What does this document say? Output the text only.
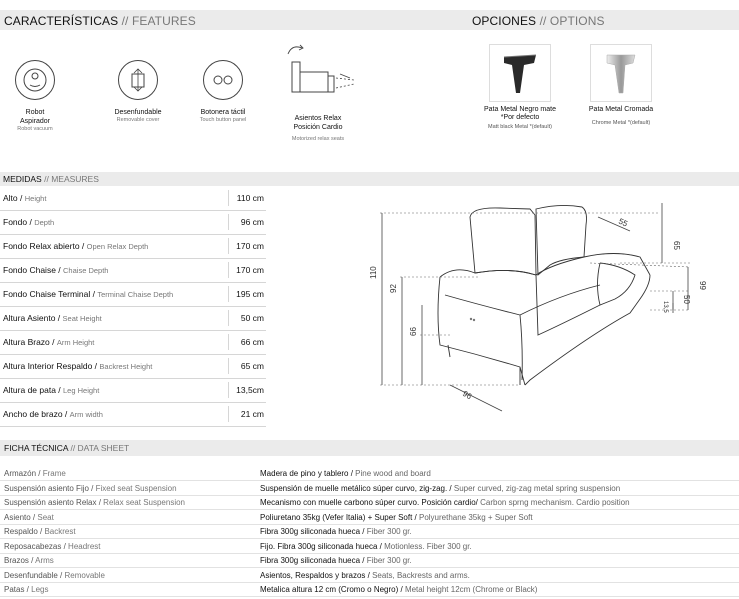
CARACTERÍSTICAS // FEATURES	OPCIONES // OPTIONS
Robot
Aspirador
Robot vacuum
Desenfundable
Removable cover
Botonera táctil
Touch button panel	Asientos Relax
Posición Cardio
Motorized relax seats
Pata Metal Negro mate
*Por defecto
Matt black Metal *(default)
Pata Metal Cromada
Chrome Metal *(default)
MEDIDAS // MEASURES
Alto / Height	110 cm
Fondo / Depth	96 cm
Fondo Relax abierto / Open Relax Depth	170 cm
Fondo Chaise / Chaise Depth	170 cm
Fondo Chaise Terminal / Terminal Chaise Depth	195 cm
Altura Asiento / Seat Height	50 cm
Altura Brazo / Arm Height	66 cm
Altura Interior Respaldo / Backrest Height	65 cm
Altura de pata / Leg Height	13,5cm
Ancho de brazo / Arm width	21 cm
110
92
66
55
65
99
50
13,5
96
FICHA TÉCNICA // DATA SHEET
Armazón / Frame	Madera de pino y tablero / Pine wood and board
Suspensión asiento Fijo / Fixed seat Suspension	Suspensión de muelle metálico súper curvo, zig-zag. / Super curved, zig-zag metal spring suspension
Suspensión asiento Relax / Relax seat Suspension	Mecanismo con muelle carbono súper curvo. Posición cardio/ Carbon sprng mechanism. Cardio position
Asiento / Seat	Poliuretano 35kg (Vefer Italia) + Super Soft / Polyurethane 35kg + Super Soft
Respaldo / Backrest	Fibra 300g siliconada hueca / Fiber 300 gr.
Reposacabezas / Headrest	Fijo. Fibra 300g siliconada hueca / Motionless. Fiber 300 gr.
Brazos / Arms	Fibra 300g siliconada hueca / Fiber 300 gr.
Desenfundable / Removable	Asientos, Respaldos y brazos / Seats, Backrests and arms.
Patas / Legs	Metalica altura 12 cm (Cromo o Negro) / Metal height 12cm (Chrome or Black)
